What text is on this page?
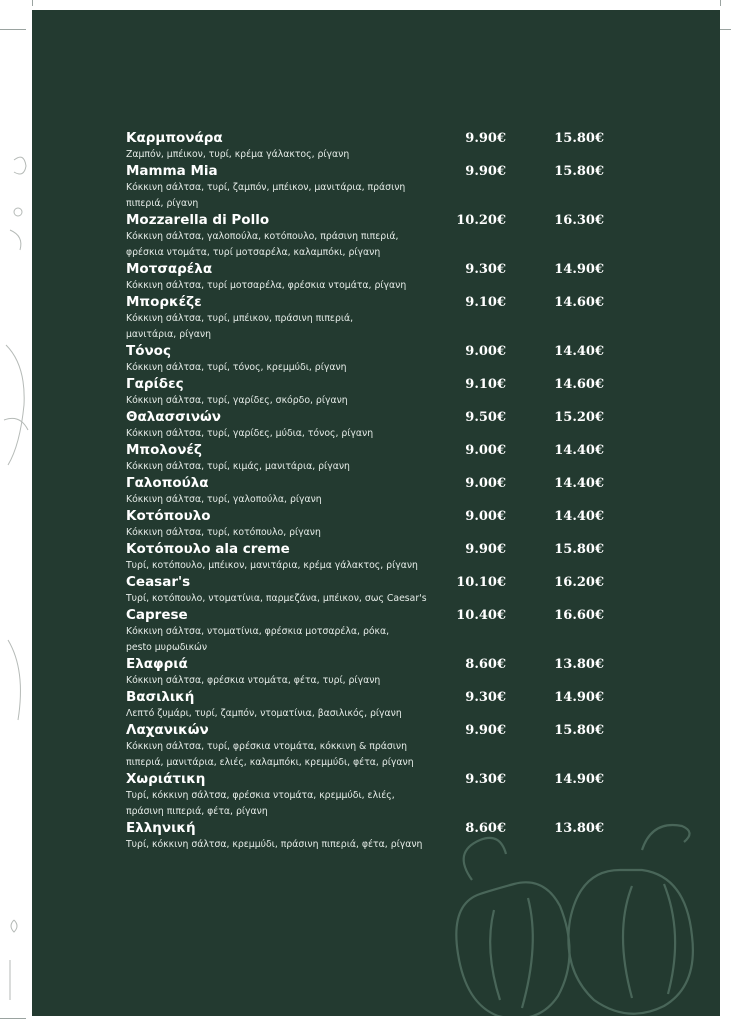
Καρμπονάρα
Ζαμπόν, μπέικον, τυρί, κρέμα γάλακτος, ρίγανη
9.90€	15.80€
Mamma Mia
Κόκκινη σάλτσα, τυρί, ζαμπόν, μπέικον, μανιτάρια, πράσινη
πιπεριά, ρίγανη
9.90€	15.80€
Mozzarella di Pollo
Κόκκινη σάλτσα, γαλοπούλα, κοτόπουλο, πράσινη πιπεριά,
φρέσκια ντομάτα, τυρί μοτσαρέλα, καλαμπόκι, ρίγανη
10.20€	16.30€
Μοτσαρέλα
Κόκκινη σάλτσα, τυρί μοτσαρέλα, φρέσκια ντομάτα, ρίγανη
9.30€	14.90€
Μπορκέζε
Κόκκινη σάλτσα, τυρί, μπέικον, πράσινη πιπεριά,
μανιτάρια, ρίγανη
9.10€	14.60€
Τόνος
Κόκκινη σάλτσα, τυρί, τόνος, κρεμμύδι, ρίγανη
9.00€	14.40€
Γαρίδες
Κόκκινη σάλτσα, τυρί, γαρίδες, σκόρδο, ρίγανη
9.10€	14.60€
Θαλασσινών
Κόκκινη σάλτσα, τυρί, γαρίδες, μύδια, τόνος, ρίγανη
9.50€	15.20€
Μπολονέζ
Κόκκινη σάλτσα, τυρί, κιμάς, μανιτάρια, ρίγανη
9.00€	14.40€
Γαλοπούλα
Κόκκινη σάλτσα, τυρί, γαλοπούλα, ρίγανη
9.00€	14.40€
Κοτόπουλο
Κόκκινη σάλτσα, τυρί, κοτόπουλο, ρίγανη
9.00€	14.40€
Κοτόπουλο ala creme
Τυρί, κοτόπουλο, μπέικον, μανιτάρια, κρέμα γάλακτος, ρίγανη
9.90€	15.80€
Ceasar's
Τυρί, κοτόπουλο, ντοματίνια, παρμεζάνα, μπέικον, σως Caesar's
10.10€	16.20€
Caprese
Κόκκινη σάλτσα, ντοματίνια, φρέσκια μοτσαρέλα, ρόκα,
pesto μυρωδικών
10.40€	16.60€
Ελαφριά
Κόκκινη σάλτσα, φρέσκια ντομάτα, φέτα, τυρί, ρίγανη
8.60€	13.80€
Βασιλική
Λεπτό ζυμάρι, τυρί, ζαμπόν, ντοματίνια, βασιλικός, ρίγανη
9.30€	14.90€
Λαχανικών
Κόκκινη σάλτσα, τυρί, φρέσκια ντομάτα, κόκκινη & πράσινη
πιπεριά, μανιτάρια, ελιές, καλαμπόκι, κρεμμύδι, φέτα, ρίγανη
9.90€	15.80€
Χωριάτικη
Τυρί, κόκκινη σάλτσα, φρέσκια ντομάτα, κρεμμύδι, ελιές,
πράσινη πιπεριά, φέτα, ρίγανη
9.30€	14.90€
Ελληνική
Τυρί, κόκκινη σάλτσα, κρεμμύδι, πράσινη πιπεριά, φέτα, ρίγανη
8.60€	13.80€
